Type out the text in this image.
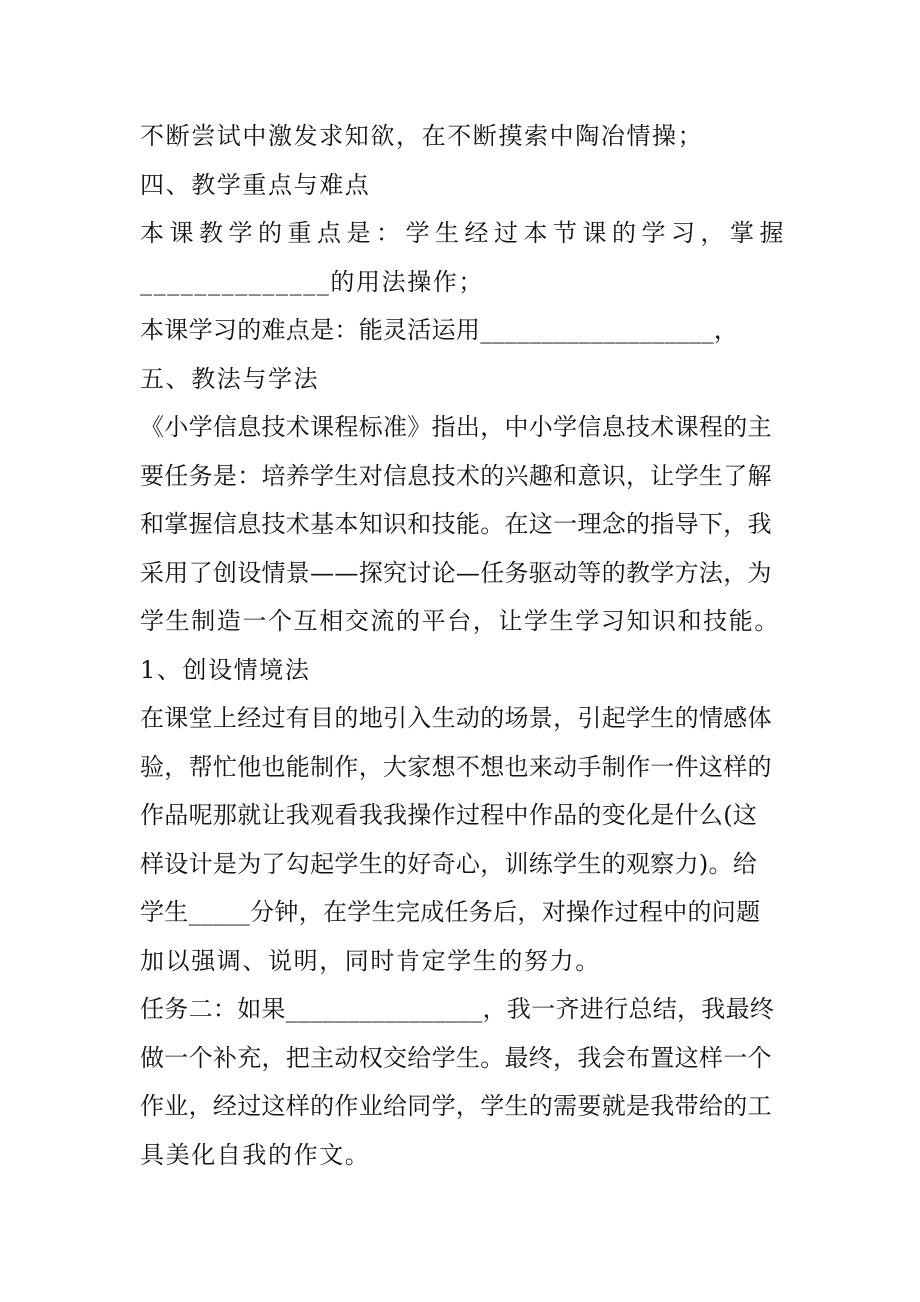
不断尝试中激发求知欲，在不断摸索中陶冶情操；
四、教学重点与难点
本课教学的重点是：学生经过本节课的学习，掌握
______________的用法操作；
本课学习的难点是：能灵活运用___________________，
五、教法与学法
《小学信息技术课程标准》指出，中小学信息技术课程的主
要任务是：培养学生对信息技术的兴趣和意识，让学生了解
和掌握信息技术基本知识和技能。在这一理念的指导下，我
采用了创设情景——探究讨论—任务驱动等的教学方法，为
学生制造一个互相交流的平台，让学生学习知识和技能。
1、创设情境法
在课堂上经过有目的地引入生动的场景，引起学生的情感体
验，帮忙他也能制作，大家想不想也来动手制作一件这样的
作品呢那就让我观看我我操作过程中作品的变化是什么(这
样设计是为了勾起学生的好奇心，训练学生的观察力)。给
学生_____分钟，在学生完成任务后，对操作过程中的问题
加以强调、说明，同时肯定学生的努力。
任务二：如果________________，我一齐进行总结，我最终
做一个补充，把主动权交给学生。最终，我会布置这样一个
作业，经过这样的作业给同学，学生的需要就是我带给的工
具美化自我的作文。
